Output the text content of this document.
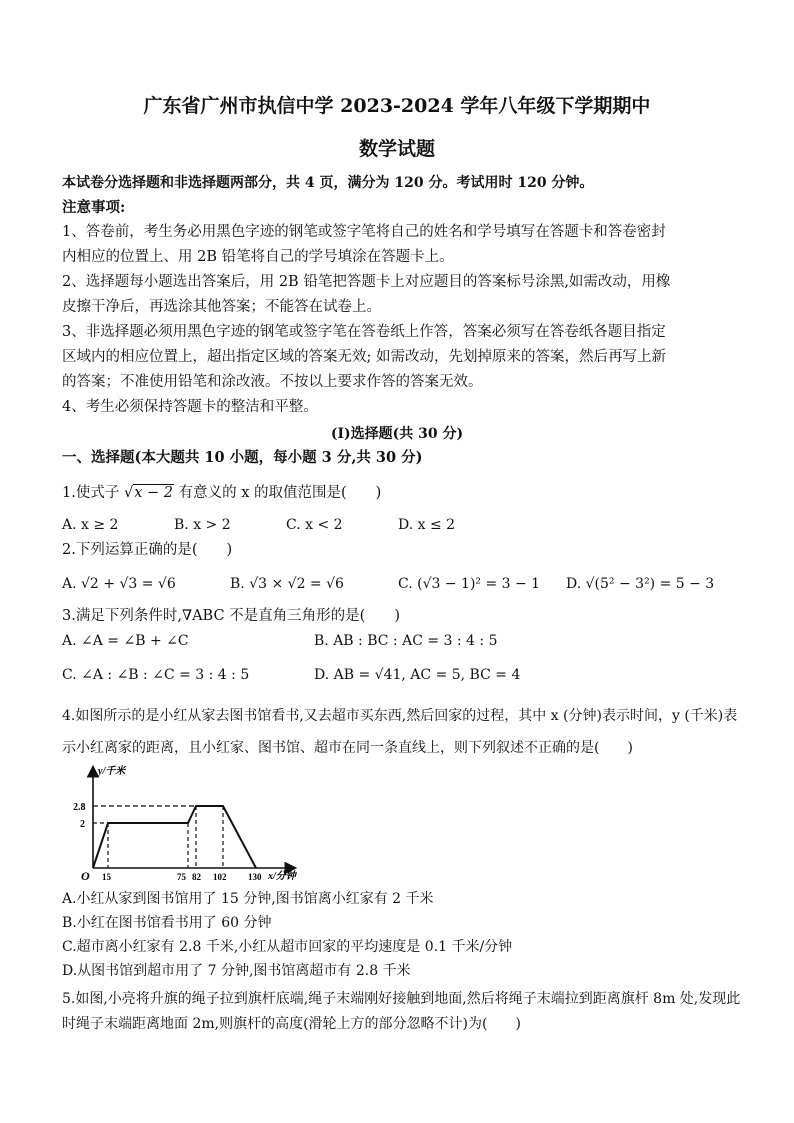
广东省广州市执信中学 2023-2024 学年八年级下学期期中
数学试题
本试卷分选择题和非选择题两部分，共 4 页，满分为 120 分。考试用时 120 分钟。
注意事项:
1、答卷前，考生务必用黑色字迹的钢笔或签字笔将自己的姓名和学号填写在答题卡和答卷密封
内相应的位置上、用 2B 铅笔将自己的学号填涂在答题卡上。
2、选择题每小题选出答案后，用 2B 铅笔把答题卡上对应题目的答案标号涂黑,如需改动，用橡
皮擦干净后，再选涂其他答案；不能答在试卷上。
3、非选择题必须用黑色字迹的钢笔或签字笔在答卷纸上作答，答案必须写在答卷纸各题目指定
区域内的相应位置上，超出指定区域的答案无效; 如需改动，先划掉原来的答案，然后再写上新
的答案；不准使用铅笔和涂改液。不按以上要求作答的答案无效。
4、考生必须保持答题卡的整洁和平整。
(I)选择题(共 30 分)
一、选择题(本大题共 10 小题，每小题 3 分,共 30 分)
1.使式子 √x − 2 有意义的 x 的取值范围是(　　)
A. x ≥ 2	B. x > 2	C. x < 2	D. x ≤ 2
2.下列运算正确的是(　　)
A. √2 + √3 = √6	B. √3 × √2 = √6	C. (√3 − 1)² = 3 − 1 D. √(5² − 3²) = 5 − 3
3.满足下列条件时,∇ABC 不是直角三角形的是(　　)
A. ∠A = ∠B + ∠C	B. AB : BC : AC = 3 : 4 : 5
C. ∠A : ∠B : ∠C = 3 : 4 : 5	D. AB = √41, AC = 5, BC = 4
4.如图所示的是小红从家去图书馆看书,又去超市买东西,然后回家的过程，其中 x (分钟)表示时间，y (千米)表
示小红离家的距离，且小红家、图书馆、超市在同一条直线上，则下列叙述不正确的是(　　)
y/千米
x/分钟
O
2.8
2
15	75 82 102 130
A.小红从家到图书馆用了 15 分钟,图书馆离小红家有 2 千米
B.小红在图书馆看书用了 60 分钟
C.超市离小红家有 2.8 千米,小红从超市回家的平均速度是 0.1 千米/分钟
D.从图书馆到超市用了 7 分钟,图书馆离超市有 2.8 千米
5.如图,小亮将升旗的绳子拉到旗杆底端,绳子末端刚好接触到地面,然后将绳子末端拉到距离旗杆 8m 处,发现此
时绳子末端距离地面 2m,则旗杆的高度(滑轮上方的部分忽略不计)为(　　)
